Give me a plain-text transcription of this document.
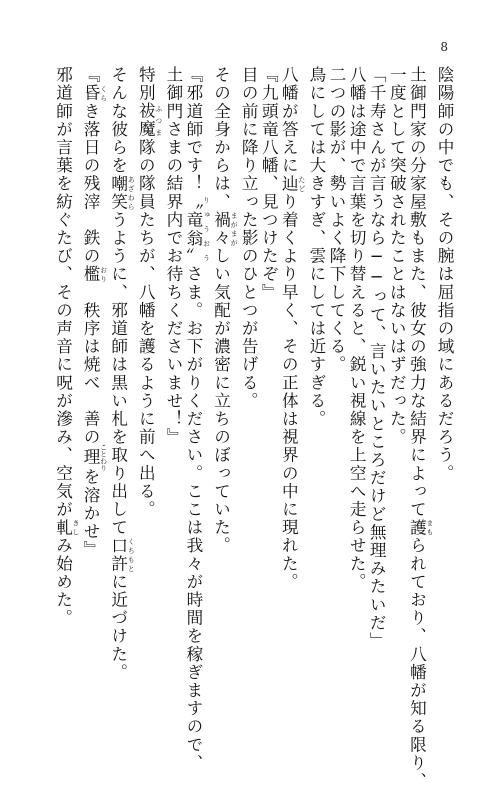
8

陰陽師の中でも、その腕は屈指の域にあるだろう。

土御門家の分家屋敷もまた、彼女の強力な結界によって護 まもられており、八幡が知る限り、

一度として突破されたことはないはずだった。

「千寿さんが言うなら──って、言いたいところだけど無理みたいだ」

八幡は途中で言葉を切り替えると、鋭い視線を上空へ走らせた。

二つの影が、勢いよく降下してくる。

鳥にしては大きすぎ、雲にしては近すぎる。

八幡が答えに辿 たどり着くより早く、その正体は視界の中に現れた。

『九頭竜八幡、見つけたぞ』

目の前に降り立った影のひとつが告げる。

その全身からは、禍々 まがまがしい気配が濃密に立ちのぼっていた。

『邪道師です！〝竜翁〟 りゅうおうさま。お下がりください。ここは我々が時間を稼ぎますので、

土御門さまの結界内でお待ちくださいませ！』

特別祓魔 ふつま隊の隊員たちが、八幡を護るように前へ出る。

そんな彼らを嘲笑 あざわらうように、邪道師は黒い札を取り出して口許 くちもとに近づけた。

『昏 くらき落日の残滓　鉄の檻 おり　秩序は焼べ　善の理 ことわりを溶かせ』

邪道師が言葉を紡ぐたび、その声音に呪が滲み、空気が軋 きしみ始めた。
